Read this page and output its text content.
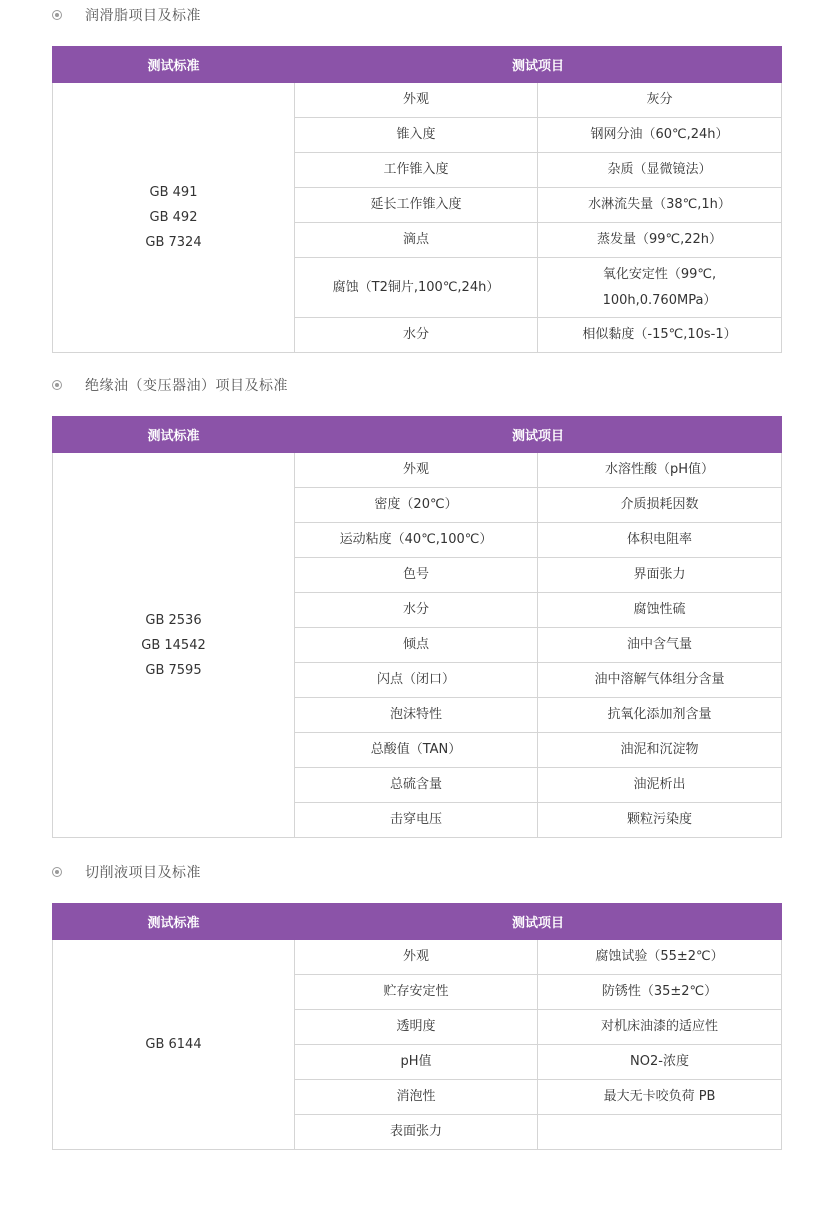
润滑脂项目及标准
测试标准	测试项目	

GB 491
GB 492
GB 7324	外观	灰分
	锥入度	钢网分油（60℃,24h）
	工作锥入度	杂质（显微镜法）
	延长工作锥入度	水淋流失量（38℃,1h）
	滴点	蒸发量（99℃,22h）
	腐蚀（T2铜片,100℃,24h）	氧化安定性（99℃, 100h,0.760MPa）
	水分	相似黏度（-15℃,10s-1）
绝缘油（变压器油）项目及标准
测试标准	测试项目	

GB 2536
GB 14542
GB 7595	外观	水溶性酸（pH值）
	密度（20℃）	介质损耗因数
	运动粘度（40℃,100℃）	体积电阻率
	色号	界面张力
	水分	腐蚀性硫
	倾点	油中含气量
	闪点（闭口）	油中溶解气体组分含量
	泡沫特性	抗氧化添加剂含量
	总酸值（TAN）	油泥和沉淀物
	总硫含量	油泥析出
	击穿电压	颗粒污染度
切削液项目及标准
测试标准	测试项目	

GB 6144	外观	腐蚀试验（55±2℃）
	贮存安定性	防锈性（35±2℃）
	透明度	对机床油漆的适应性
	pH值	NO2-浓度
	消泡性	最大无卡咬负荷 PB
	表面张力	
